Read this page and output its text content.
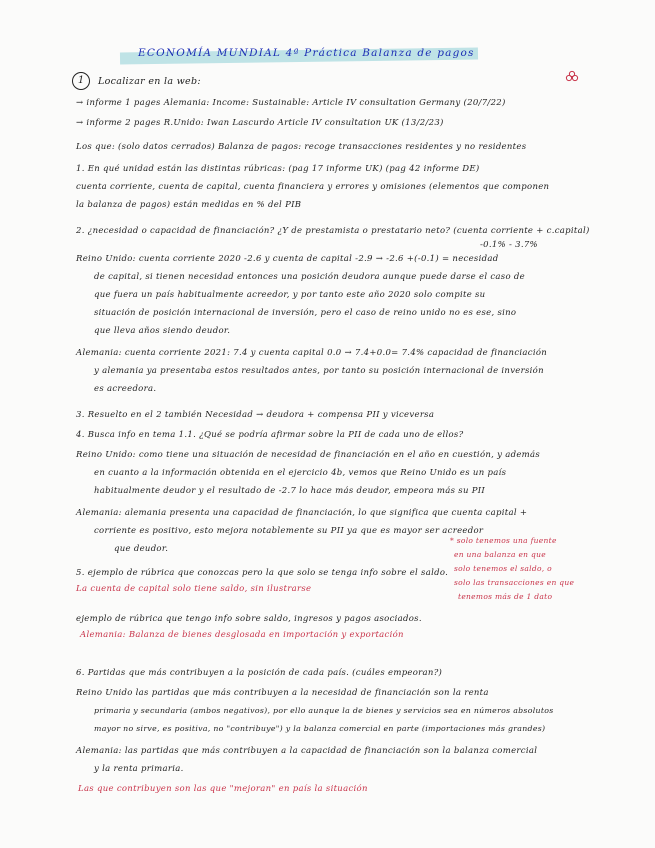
ECONOMÍA MUNDIAL 4ª Práctica Balanza de pagos
1	Localizar en la web:
→ informe 1 pages Alemania: Income: Sustainable: Article IV consultation Germany (20/7/22)
→ informe 2 pages R.Unido: Iwan Lascurdo Article IV consultation UK (13/2/23)
Los que: (solo datos cerrados) Balanza de pagos: recoge transacciones residentes y no residentes
1. En qué unidad están las distintas rúbricas: (pag 17 informe UK) (pag 42 informe DE)
cuenta corriente, cuenta de capital, cuenta financiera y errores y omisiones (elementos que componen
la balanza de pagos) están medidas en % del PIB
2. ¿necesidad o capacidad de financiación? ¿Y de prestamista o prestatario neto? (cuenta corriente + c.capital)
-0.1% - 3.7%
Reino Unido: cuenta corriente 2020 -2.6 y cuenta de capital -2.9 → -2.6 +(-0.1) = necesidad
de capital, si tienen necesidad entonces una posición deudora aunque puede darse el caso de
que fuera un país habitualmente acreedor, y por tanto este año 2020 solo compite su
situación de posición internacional de inversión, pero el caso de reino unido no es ese, sino
que lleva años siendo deudor.
Alemania: cuenta corriente 2021: 7.4 y cuenta capital 0.0 → 7.4+0.0= 7.4% capacidad de financiación
y alemania ya presentaba estos resultados antes, por tanto su posición internacional de inversión
es acreedora.
3. Resuelto en el 2 también Necesidad → deudora + compensa PII y viceversa
4. Busca info en tema 1.1. ¿Qué se podría afirmar sobre la PII de cada uno de ellos?
Reino Unido: como tiene una situación de necesidad de financiación en el año en cuestión, y además
en cuanto a la información obtenida en el ejercicio 4b, vemos que Reino Unido es un país
habitualmente deudor y el resultado de -2.7 lo hace más deudor, empeora más su PII
Alemania: alemania presenta una capacidad de financiación, lo que significa que cuenta capital +
corriente es positivo, esto mejora notablemente su PII ya que es mayor ser acreedor
que deudor.
5. ejemplo de rúbrica que conozcas pero la que solo se tenga info sobre el saldo.
La cuenta de capital solo tiene saldo, sin ilustrarse
* solo tenemos una fuente
en una balanza en que
solo tenemos el saldo, o
solo las transacciones en que
tenemos más de 1 dato
ejemplo de rúbrica que tengo info sobre saldo, ingresos y pagos asociados.
Alemania: Balanza de bienes desglosada en importación y exportación
6. Partidas que más contribuyen a la posición de cada país. (cuáles empeoran?)
Reino Unido las partidas que más contribuyen a la necesidad de financiación son la renta
primaria y secundaria (ambos negativos), por ello aunque la de bienes y servicios sea en números absolutos
mayor no sirve, es positiva, no "contribuye") y la balanza comercial en parte (importaciones más grandes)
Alemania: las partidas que más contribuyen a la capacidad de financiación son la balanza comercial
y la renta primaria.
Las que contribuyen son las que "mejoran" en país la situación
